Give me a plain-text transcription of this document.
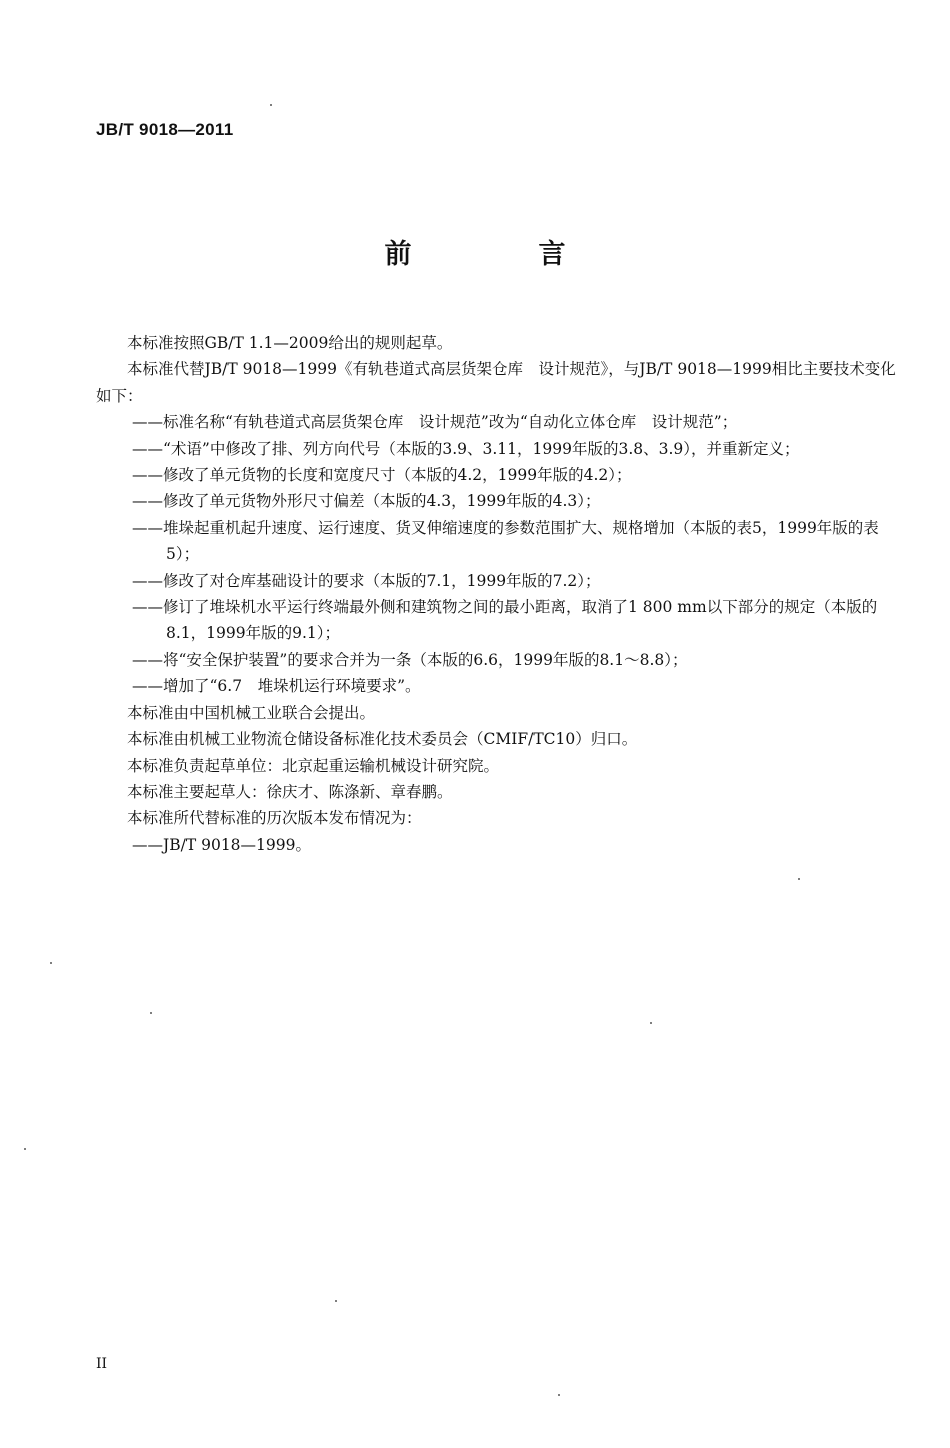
JB/T 9018—2011
前　言

本标准按照GB/T 1.1—2009给出的规则起草。

本标准代替JB/T 9018—1999《有轨巷道式高层货架仓库　设计规范》，与JB/T 9018—1999相比主要技术变化如下：

——标准名称“有轨巷道式高层货架仓库　设计规范”改为“自动化立体仓库　设计规范”；

——“术语”中修改了排、列方向代号（本版的3.9、3.11，1999年版的3.8、3.9），并重新定义；

——修改了单元货物的长度和宽度尺寸（本版的4.2，1999年版的4.2）；

——修改了单元货物外形尺寸偏差（本版的4.3，1999年版的4.3）；

——堆垛起重机起升速度、运行速度、货叉伸缩速度的参数范围扩大、规格增加（本版的表5，1999年版的表5）；

——修改了对仓库基础设计的要求（本版的7.1，1999年版的7.2）；

——修订了堆垛机水平运行终端最外侧和建筑物之间的最小距离，取消了1 800 mm以下部分的规定（本版的8.1，1999年版的9.1）；

——将“安全保护装置”的要求合并为一条（本版的6.6，1999年版的8.1～8.8）；

——增加了“6.7　堆垛机运行环境要求”。

本标准由中国机械工业联合会提出。

本标准由机械工业物流仓储设备标准化技术委员会（CMIF/TC10）归口。

本标准负责起草单位：北京起重运输机械设计研究院。

本标准主要起草人：徐庆才、陈涤新、章春鹏。

本标准所代替标准的历次版本发布情况为：

——JB/T 9018—1999。

II
